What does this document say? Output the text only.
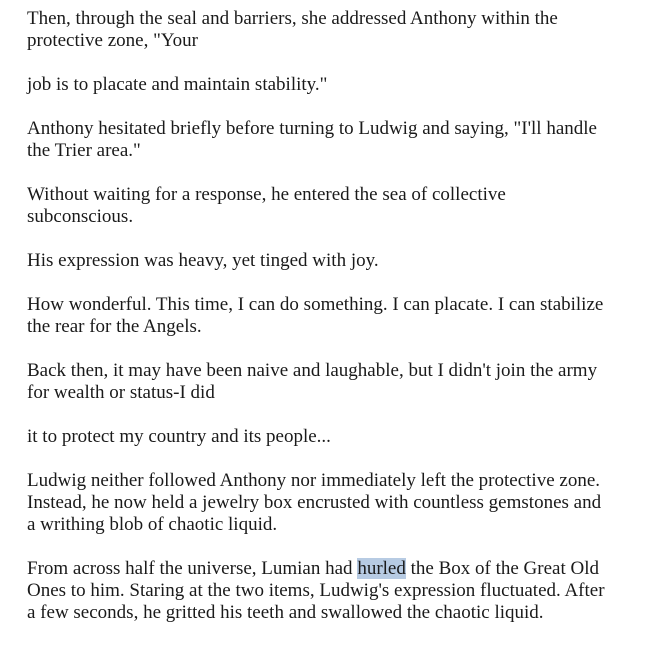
Then, through the seal and barriers, she addressed Anthony within the
protective zone, "Your

job is to placate and maintain stability."

Anthony hesitated briefly before turning to Ludwig and saying, "I'll handle
the Trier area."

Without waiting for a response, he entered the sea of collective
subconscious.

His expression was heavy, yet tinged with joy.

How wonderful. This time, I can do something. I can placate. I can stabilize
the rear for the Angels.

Back then, it may have been naive and laughable, but I didn't join the army
for wealth or status-I did

it to protect my country and its people...

Ludwig neither followed Anthony nor immediately left the protective zone.
Instead, he now held a jewelry box encrusted with countless gemstones and
a writhing blob of chaotic liquid.

From across half the universe, Lumian had hurled the Box of the Great Old
Ones to him. Staring at the two items, Ludwig's expression fluctuated. After
a few seconds, he gritted his teeth and swallowed the chaotic liquid.
